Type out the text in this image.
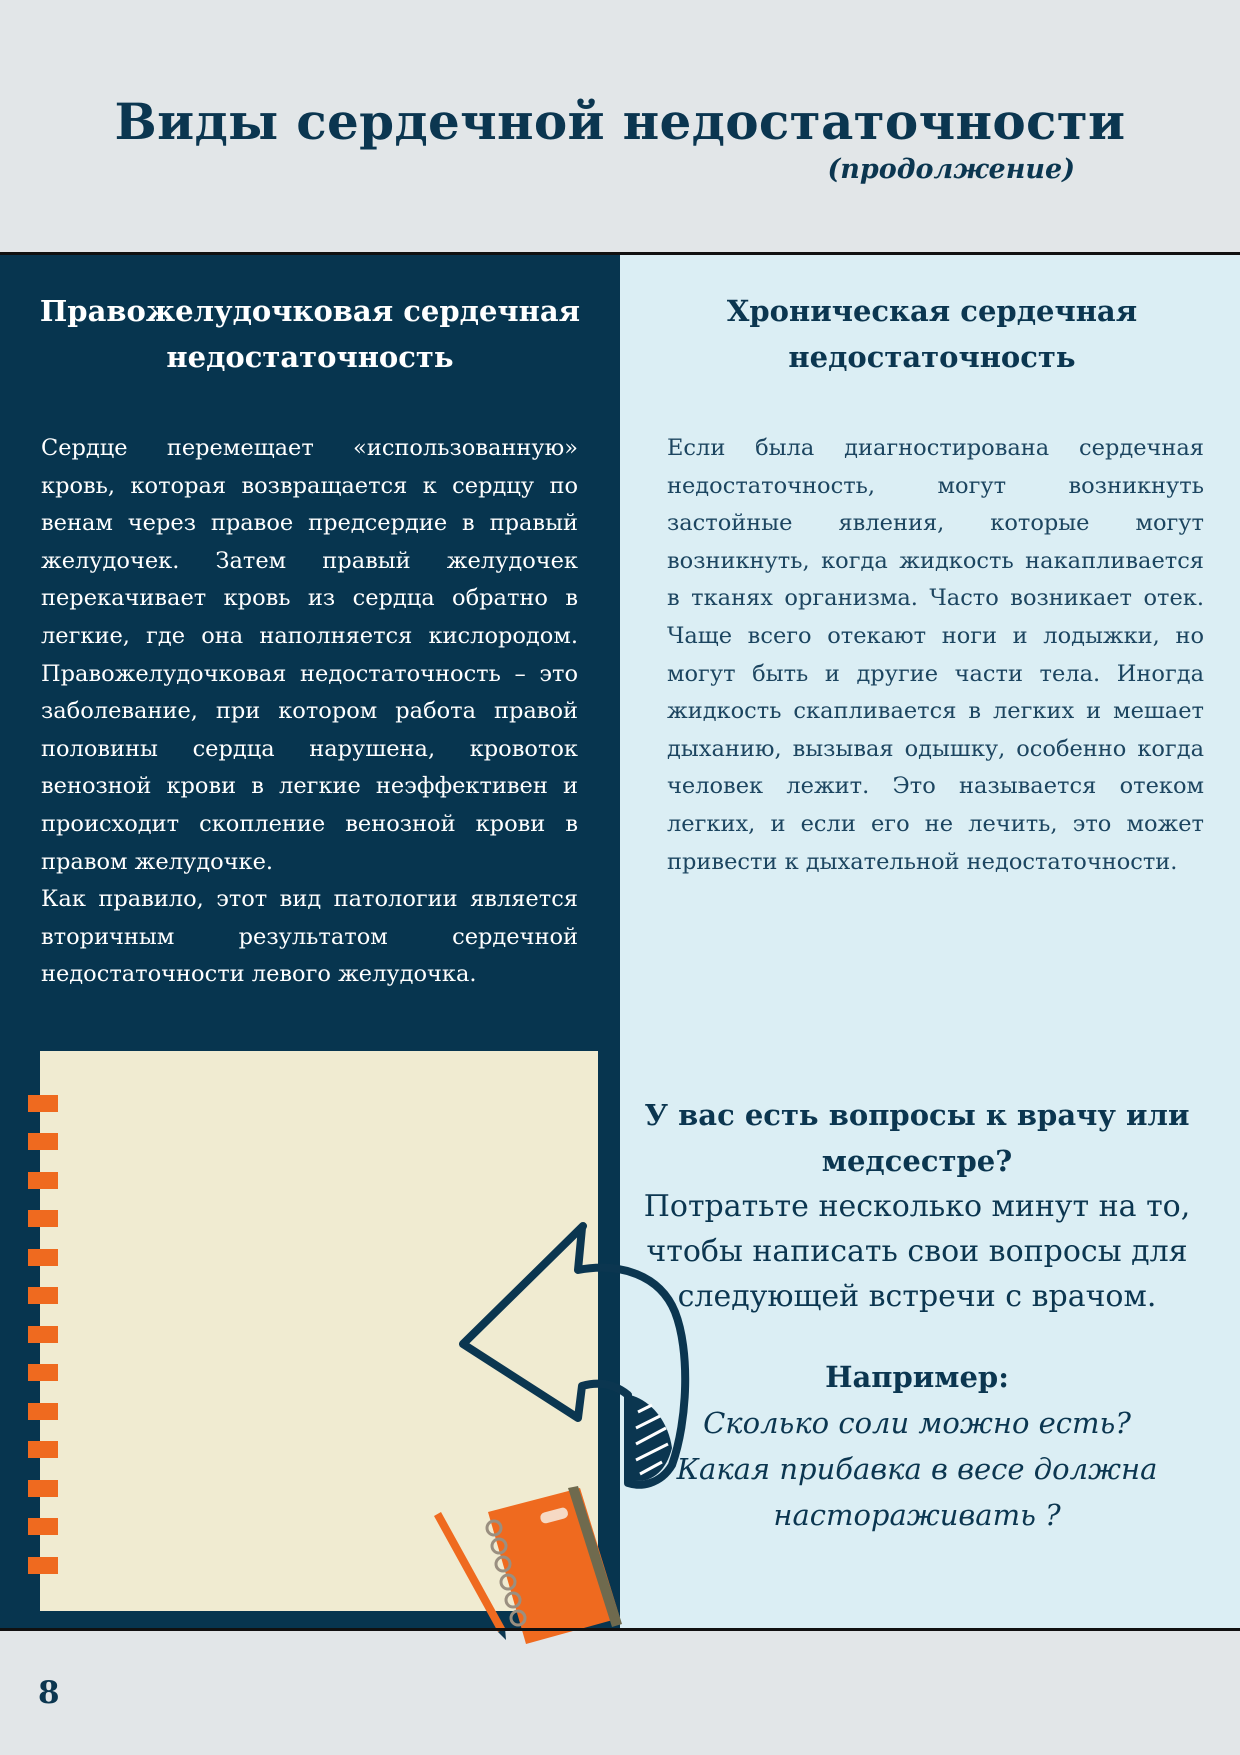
Виды сердечной недостаточности
(продолжение)
Правожелудочковая сердечная недостаточность

Сердце перемещает «использованную» кровь, которая возвращается к сердцу по венам через правое предсердие в правый желудочек. Затем правый желудочек перекачивает кровь из сердца обратно в легкие, где она наполняется кислородом. Правожелудочковая недостаточность – это заболевание, при котором работа правой половины сердца нарушена, кровоток венозной крови в легкие неэффективен и происходит скопление венозной крови в правом желудочке.

Как правило, этот вид патологии является вторичным результатом сердечной недостаточности левого желудочка.

Хроническая сердечная недостаточность

Если была диагностирована сердечная недостаточность, могут возникнуть застойные явления, которые могут возникнуть, когда жидкость накапливается в тканях организма. Часто возникает отек. Чаще всего отекают ноги и лодыжки, но могут быть и другие части тела. Иногда жидкость скапливается в легких и мешает дыханию, вызывая одышку, особенно когда человек лежит. Это называется отеком легких, и если его не лечить, это может привести к дыхательной недостаточности.

У вас есть вопросы к врачу или медсестре?

Потратьте несколько минут на то, чтобы написать свои вопросы для следующей встречи с врачом.

Например:

Сколько соли можно есть?

Какая прибавка в весе должна настораживать ?

8
